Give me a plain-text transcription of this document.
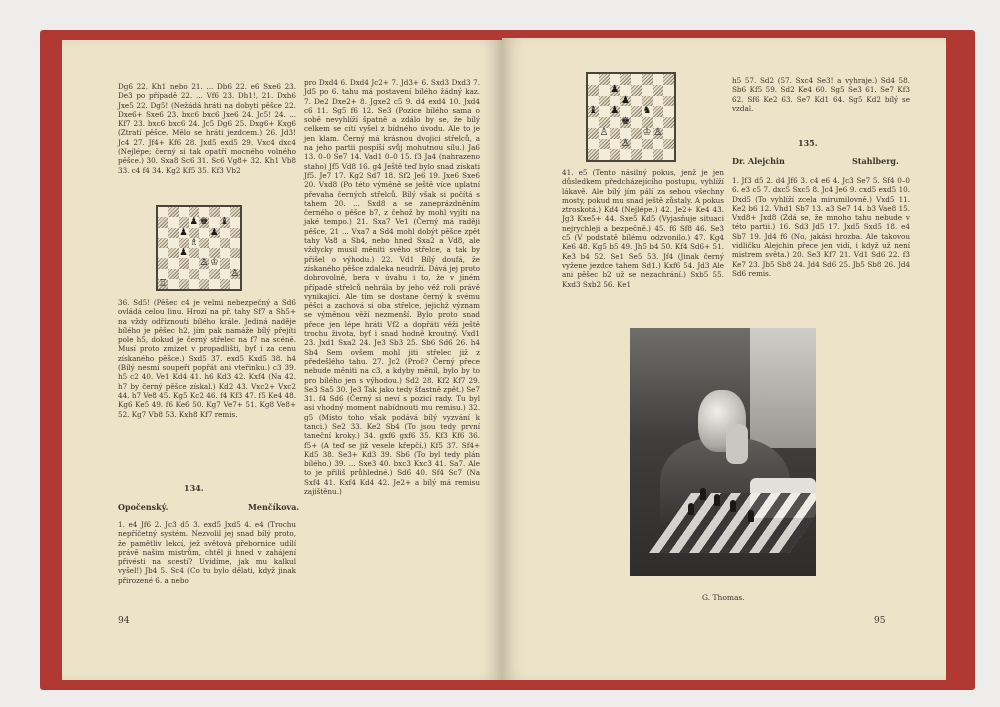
Dg6 22. Kh1 nebo 21. ... Db6 22. e6 Sxe6 23. De3 po případě 22. ... Vf6 23. Dh1!, 21. Dxh6 Jxe5 22. Dg5! (Nežádá hráti na dobytí pěšce 22. Dxe6+ Sxe6 23. bxc6 bxc6 Jxe6 24. Jc5! 24. ... Kf7 23. bxc6 bxc6 24. Jc5 Dg6 25. Dxg6+ Kxg6 (Ztratí pěšce. Mělo se hráti jezdcem.) 26. Jd3! Jc4 27. Jf4+ Kf6 28. Jxd5 exd5 29. Vxc4 dxc4 (Nejlépe; černý si tak opatří mocného volného pěšce.) 30. Sxa8 Sc6 31. Sc6 Vg8+ 32. Kh1 Vb8 33. c4 f4 34. Kg2 Kf5 35. Kf3 Vb2

♟ ♚ ♝
♟ ♟
♗
♟
♙ ♔
♙
♖

36. Sd5! (Pěšec c4 je velmi nebezpečný a Sd6 ovládá celou linu. Hrozí na př. tahy Sf7 a Sh5+ na vždy odříznouti bílého krále. Jediná naděje bílého je pěšec h2, jím pak namáže bílý přejíti pole h5, dokud je černý střelec na f7 na scéně. Musí proto zmizet v propadlišti, byť i za cenu získaného pěšce.) Sxd5 37. exd5 Kxd5 38. h4 (Bílý nesmí soupeři popřát ani vteřinku.) c3 39. h5 c2 40. Ve1 Kd4 41. h6 Kd3 42. Kxf4 (Na 42. h7 by černý pěšce získal.) Kd2 43. Vxc2+ Vxc2 44. h7 Ve8 45. Kg5 Kc2 46. f4 Kf3 47. f5 Ke4 48. Kg6 Ke5 49. f6 Ke6 50. Kg7 Ve7+ 51. Kg8 Ve8+ 52. Kg7 Vb8 53. Kxh8 Kf7 remis.

134.
Opočenský.	Menčíkova.

1. e4 Jf6 2. Jc3 d5 3. exd5 Jxd5 4. e4 (Trochu nepříčetný systém. Nezvolil jej snad bílý proto, že pamětliv lekcí, jež světová přebornice udílí právě našim mistrům, chtěl ji hned v zahájení přivésti na scestí? Uvidíme, jak mu kalkul vyšel!) Jb4 5. Sc4 (Co tu bylo dělati, když jinak přirozené 6. a nebo

pro Dxd4 6. Dxd4 Jc2+ 7. Jd3+ 6. Sxd3 Dxd3 7. Jd5 po 6. tahu má postavení bílého žádný kaz. 7. De2 Dxe2+ 8. Jgxe2 c5 9. d4 exd4 10. Jxd4 c6 11. Sg5 f6 12. Se3 (Pozice bílého sama o sobě nevyhlíží špatně a zdálo by se, že bílý celkem se cítí vyšel z bídného úvodu. Ale to je jen klam. Černý má krásnou dvojici střelců, a na jeho partii pospíší svůj mohutnou sílu.) Ja6 13. 0–0 Se7 14. Vad1 0–0 15. f3 Ja4 (nahrazeno staho) Jf5 Vd8 16. g4 Ještě teď bylo snad získati Jf5. Je7 17. Kg2 Sd7 18. Sf2 Je6 19. Jxe6 Sxe6 20. Vxd8 (Po této výměně se ještě více uplatní převaha černých střelců. Bílý však si počítá s tahem 20. ... Sxd8 a se zaneprázdněním černého o pěšce b7, z čehož by mohl vyjíti na jaké tempo.) 21. Sxa7 Ve1 (Černý má raději pěšce, 21 ... Vxa7 a Sd4 mohl dobýt pěšce zpět tahy Va8 a Sb4, nebo hned Sxa2 a Vd8, ale vždycky musil měniti svého střelce, a tak by přišel o výhodu.) 22. Vd1 Bílý doufá, že získaného pěšce zdaleka neudrží. Dává jej proto dobrovolně, bera v úvahu i to, že v jiném případě střelců nehrála by jeho věž roli právě vynikající. Ale tím se dostane černý k svému pěšci a zachová si oba střelce, jejichž význam se výměnou věží nezmenší. Bylo proto snad přece jen lépe hráti Vf2 a dopřáti věži ještě trochu života, byť i snad hodně kroutný. Vxd1 23. Jxd1 Sxa2 24. Je3 Sb3 25. Sb6 Sd6 26. h4 Sb4 Sem ovšem mohl jiti střelec již z předešlého tahu. 27. Jc2 (Proč? Černý přece nebude měniti na c3, a kdyby měnil, bylo by to pro bílého jen s výhodou.) Sd2 28. Kf2 Kf7 29. Se3 Sa5 30. Je3 Tak jako tedy šťastně zpět.) Se7 31. f4 Sd6 (Černý si neví s pozicí rady. Tu byl asi vhodný moment nabídnouti mu remisu.) 32. g5 (Místo toho však podává bílý vyzvání k tanci.) Se2 33. Ke2 Sb4 (To jsou tedy první taneční kroky.) 34. gxf6 gxf6 35. Kf3 Kf6 36. f5+ (A teď se již vesele křepčí.) Kf5 37. Sf4+ Kd5 38. Se3+ Kd3 39. Sb6 (To byl tedy plán bílého.) 39. ... Sxe3 40. bxc3 Kxc3 41. Sa7. Ale to je přiliš průhledné.) Sd6 40. Sf4 Sc7 (Na Sxf4 41. Kxf4 Kd4 42. Je2+ a bílý má remisu zajištěnu.)

94
♟
♟
♝ ♟ ♞
♚
♙	♔ ♙
♙

41. e5 (Tento násilný pokus, jenž je jen důsledkem předcházejícího postupu, vyhlíží lákavě. Ale bílý jím pálí za sebou všechny mosty, pokud mu snad ještě zůstaly. A pokus ztroskotá.) Kd4 (Nejlépe.) 42. Je2+ Ke4 43. Jg3 Kxe5+ 44. Sxe5 Kd5 (Vyjasňuje situaci nejrychleji a bezpečně.) 45. f6 Sf8 46. Se3 c5 (V podstatě bílému odzvonilo.) 47. Kg4 Ke6 48. Kg5 b5 49. Jh5 b4 50. Kf4 Sd6+ 51. Ke3 b4 52. Se1 Se5 53. Jf4 (Jinak černý vyžene jezdce tahem Sd1.) Kxf6 54. Jd3 Ale ani pěšec b2 už se nezachrání.) Sxb5 55. Kxd3 Sxb2 56. Ke1

h5 57. Sd2 (57. Sxc4 Se3! a vyhraje.) Sd4 58. Sb6 Kf5 59. Sd2 Ke4 60. Sg5 Se3 61. Se7 Kf3 62. Sf6 Ke2 63. Se7 Kd1 64. Sg5 Kd2 bílý se vzdal.

135.
Dr. Alejchin	Stahlberg.

1. Jf3 d5 2. d4 Jf6 3. c4 e6 4. Jc3 Se7 5. Sf4 0–0 6. e3 c5 7. dxc5 Sxc5 8. Jc4 Je6 9. cxd5 exd5 10. Dxd5 (To vyhlíží zcela mirumilovně.) Vxd5 11. Ke2 b6 12. Vhd1 Sb7 13. a3 Se7 14. b3 Vae8 15. Vxd8+ Jxd8 (Zdá se, že mnoho tahu nebude v této partii.) 16. Sd3 Jd5 17. Jxd5 Sxd5 18. e4 Sb7 19. Jd4 f6 (No, jakási hrozba. Ale takovou vidličku Alejchin přece jen vidí, i když už není mistrem světa.) 20. Se3 Kf7 21. Vd1 Sd6 22. f3 Ke7 23. Jb5 Sb8 24. Jd4 Sd6 25. Jb5 Sb8 26. Jd4 Sd6 remis.

G. Thomas.
95
